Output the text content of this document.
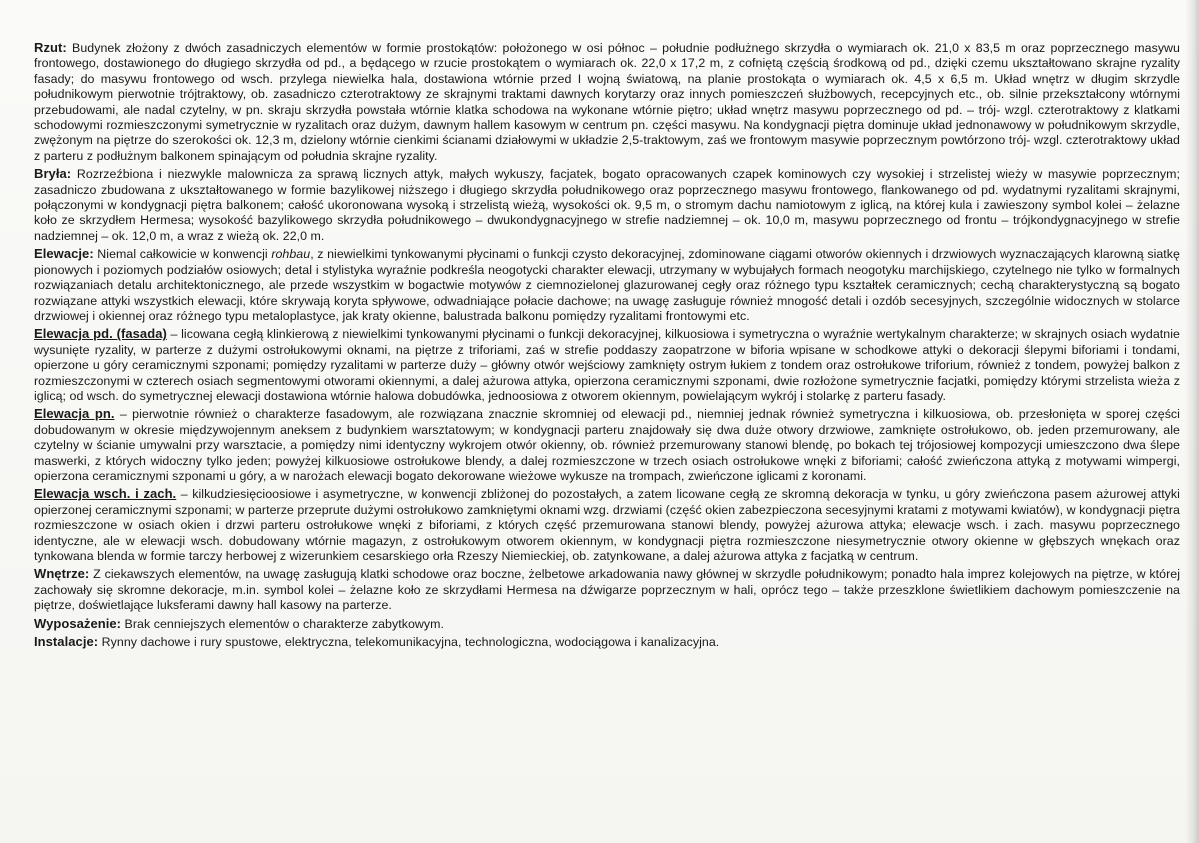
Rzut: Budynek złożony z dwóch zasadniczych elementów w formie prostokątów: położonego w osi północ – południe podłużnego skrzydła o wymiarach ok. 21,0 x 83,5 m oraz poprzecznego masywu frontowego, dostawionego do długiego skrzydła od pd., a będącego w rzucie prostokątem o wymiarach ok. 22,0 x 17,2 m, z cofniętą częścią środkową od pd., dzięki czemu ukształtowano skrajne ryzality fasady; do masywu frontowego od wsch. przylega niewielka hala, dostawiona wtórnie przed I wojną światową, na planie prostokąta o wymiarach ok. 4,5 x 6,5 m. Układ wnętrz w długim skrzydle południkowym pierwotnie trójtraktowy, ob. zasadniczo czterotraktowy ze skrajnymi traktami dawnych korytarzy oraz innych pomieszczeń służbowych, recepcyjnych etc., ob. silnie przekształcony wtórnymi przebudowami, ale nadal czytelny, w pn. skraju skrzydła powstała wtórnie klatka schodowa na wykonane wtórnie piętro; układ wnętrz masywu poprzecznego od pd. – trój- wzgl. czterotraktowy z klatkami schodowymi rozmieszczonymi symetrycznie w ryzalitach oraz dużym, dawnym hallem kasowym w centrum pn. części masywu. Na kondygnacji piętra dominuje układ jednonawowy w południkowym skrzydle, zwężonym na piętrze do szerokości ok. 12,3 m, dzielony wtórnie cienkimi ścianami działowymi w układzie 2,5-traktowym, zaś we frontowym masywie poprzecznym powtórzono trój- wzgl. czterotraktowy układ z parteru z podłużnym balkonem spinającym od południa skrajne ryzality.

Bryła: Rozrzeźbiona i niezwykle malownicza za sprawą licznych attyk, małych wykuszy, facjatek, bogato opracowanych czapek kominowych czy wysokiej i strzelistej wieży w masywie poprzecznym; zasadniczo zbudowana z ukształtowanego w formie bazylikowej niższego i długiego skrzydła południkowego oraz poprzecznego masywu frontowego, flankowanego od pd. wydatnymi ryzalitami skrajnymi, połączonymi w kondygnacji piętra balkonem; całość ukoronowana wysoką i strzelistą wieżą, wysokości ok. 9,5 m, o stromym dachu namiotowym z iglicą, na której kula i zawieszony symbol kolei – żelazne koło ze skrzydłem Hermesa; wysokość bazylikowego skrzydła południkowego – dwukondygnacyjnego w strefie nadziemnej – ok. 10,0 m, masywu poprzecznego od frontu – trójkondygnacyjnego w strefie nadziemnej – ok. 12,0 m, a wraz z wieżą ok. 22,0 m.

Elewacje: Niemal całkowicie w konwencji rohbau, z niewielkimi tynkowanymi płycinami o funkcji czysto dekoracyjnej, zdominowane ciągami otworów okiennych i drzwiowych wyznaczających klarowną siatkę pionowych i poziomych podziałów osiowych; detal i stylistyka wyraźnie podkreśla neogotycki charakter elewacji, utrzymany w wybujałych formach neogotyku marchijskiego, czytelnego nie tylko w formalnych rozwiązaniach detalu architektonicznego, ale przede wszystkim w bogactwie motywów z ciemnozielonej glazurowanej cegły oraz różnego typu kształtek ceramicznych; cechą charakterystyczną są bogato rozwiązane attyki wszystkich elewacji, które skrywają koryta spływowe, odwadniające połacie dachowe; na uwagę zasługuje również mnogość detali i ozdób secesyjnych, szczególnie widocznych w stolarce drzwiowej i okiennej oraz różnego typu metaloplastyce, jak kraty okienne, balustrada balkonu pomiędzy ryzalitami frontowymi etc.

Elewacja pd. (fasada) – licowana cegłą klinkierową z niewielkimi tynkowanymi płycinami o funkcji dekoracyjnej, kilkuosiowa i symetryczna o wyraźnie wertykalnym charakterze; w skrajnych osiach wydatnie wysunięte ryzality, w parterze z dużymi ostrołukowymi oknami, na piętrze z triforiami, zaś w strefie poddaszy zaopatrzone w biforia wpisane w schodkowe attyki o dekoracji ślepymi biforiami i tondami, opierzone u góry ceramicznymi szponami; pomiędzy ryzalitami w parterze duży – główny otwór wejściowy zamknięty ostrym łukiem z tondem oraz ostrołukowe triforium, również z tondem, powyżej balkon z rozmieszczonymi w czterech osiach segmentowymi otworami okiennymi, a dalej ażurowa attyka, opierzona ceramicznymi szponami, dwie rozłożone symetrycznie facjatki, pomiędzy którymi strzelista wieża z iglicą; od wsch. do symetrycznej elewacji dostawiona wtórnie halowa dobudówka, jednoosiowa z otworem okiennym, powielającym wykrój i stolarkę z parteru fasady.

Elewacja pn. – pierwotnie również o charakterze fasadowym, ale rozwiązana znacznie skromniej od elewacji pd., niemniej jednak również symetryczna i kilkuosiowa, ob. przesłonięta w sporej części dobudowanym w okresie międzywojennym aneksem z budynkiem warsztatowym; w kondygnacji parteru znajdowały się dwa duże otwory drzwiowe, zamknięte ostrołukowo, ob. jeden przemurowany, ale czytelny w ścianie umywalni przy warsztacie, a pomiędzy nimi identyczny wykrojem otwór okienny, ob. również przemurowany stanowi blendę, po bokach tej trójosiowej kompozycji umieszczono dwa ślepe maswerki, z których widoczny tylko jeden; powyżej kilkuosiowe ostrołukowe blendy, a dalej rozmieszczone w trzech osiach ostrołukowe wnęki z biforiami; całość zwieńczona attyką z motywami wimpergi, opierzona ceramicznymi szponami u góry, a w narożach elewacji bogato dekorowane wieżowe wykusze na trompach, zwieńczone iglicami z koronami.

Elewacja wsch. i zach. – kilkudziesięcioosiowe i asymetryczne, w konwencji zbliżonej do pozostałych, a zatem licowane cegłą ze skromną dekoracja w tynku, u góry zwieńczona pasem ażurowej attyki opierzonej ceramicznymi szponami; w parterze przeprute dużymi ostrołukowo zamkniętymi oknami wzg. drzwiami (część okien zabezpieczona secesyjnymi kratami z motywami kwiatów), w kondygnacji piętra rozmieszczone w osiach okien i drzwi parteru ostrołukowe wnęki z biforiami, z których część przemurowana stanowi blendy, powyżej ażurowa attyka; elewacje wsch. i zach. masywu poprzecznego identyczne, ale w elewacji wsch. dobudowany wtórnie magazyn, z ostrołukowym otworem okiennym, w kondygnacji piętra rozmieszczone niesymetrycznie otwory okienne w głębszych wnękach oraz tynkowana blenda w formie tarczy herbowej z wizerunkiem cesarskiego orła Rzeszy Niemieckiej, ob. zatynkowane, a dalej ażurowa attyka z facjatką w centrum.

Wnętrze: Z ciekawszych elementów, na uwagę zasługują klatki schodowe oraz boczne, żelbetowe arkadowania nawy głównej w skrzydle południkowym; ponadto hala imprez kolejowych na piętrze, w której zachowały się skromne dekoracje, m.in. symbol kolei – żelazne koło ze skrzydłami Hermesa na dźwigarze poprzecznym w hali, oprócz tego – także przeszklone świetlikiem dachowym pomieszczenie na piętrze, doświetlające luksferami dawny hall kasowy na parterze.

Wyposażenie: Brak cenniejszych elementów o charakterze zabytkowym.

Instalacje: Rynny dachowe i rury spustowe, elektryczna, telekomunikacyjna, technologiczna, wodociągowa i kanalizacyjna.
